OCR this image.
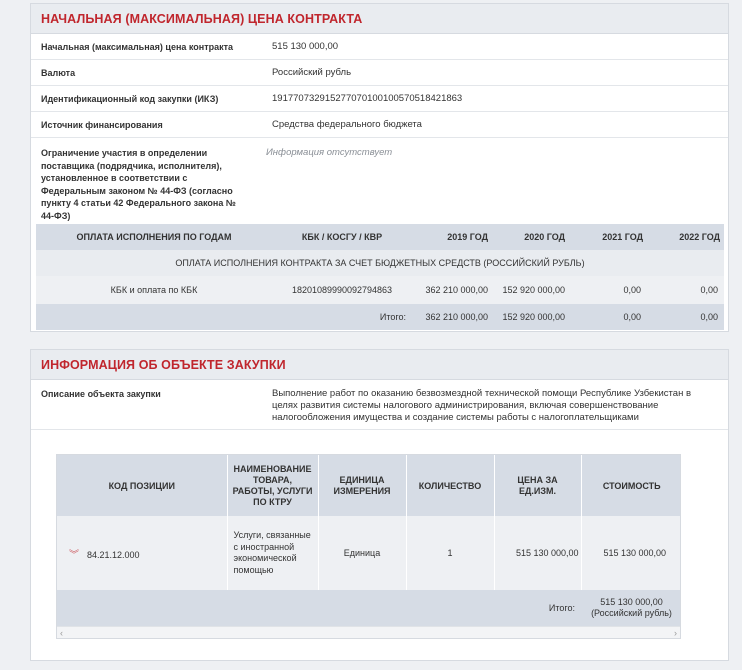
НАЧАЛЬНАЯ (МАКСИМАЛЬНАЯ) ЦЕНА КОНТРАКТА
Начальная (максимальная) цена контракта	515 130 000,00
Валюта	Российский рубль
Идентификационный код закупки (ИКЗ)	191770732915277070100100570518421863
Источник финансирования	Средства федерального бюджета
Ограничение участия в определении поставщика (подрядчика, исполнителя), установленное в соответствии с Федеральным законом № 44-ФЗ (согласно пункту 4 статьи 42 Федерального закона № 44-ФЗ)
Информация отсутствует
ОПЛАТА ИСПОЛНЕНИЯ ПО ГОДАМ	КБК / КОСГУ / КВР	2019 ГОД	2020 ГОД	2021 ГОД	2022 ГОД
ОПЛАТА ИСПОЛНЕНИЯ КОНТРАКТА ЗА СЧЕТ БЮДЖЕТНЫХ СРЕДСТВ (РОССИЙСКИЙ РУБЛЬ)					
КБК и оплата по КБК	18201089990092794863	362 210 000,00	152 920 000,00	0,00	0,00
Итого:		362 210 000,00	152 920 000,00	0,00	0,00
ИНФОРМАЦИЯ ОБ ОБЪЕКТЕ ЗАКУПКИ
Описание объекта закупки	Выполнение работ по оказанию безвозмездной технической помощи Республике Узбекистан в целях развития системы налогового администрирования, включая совершенствование налогообложения имущества и создание системы работы с налогоплательщиками
КОД ПОЗИЦИИ	НАИМЕНОВАНИЕ ТОВАРА, РАБОТЫ, УСЛУГИ ПО КТРУ	ЕДИНИЦА ИЗМЕРЕНИЯ	КОЛИЧЕСТВО	ЦЕНА ЗА ЕД.ИЗМ.	СТОИМОСТЬ
︾ 84.21.12.000	Услуги, связанные с иностранной экономической помощью	Единица	1	515 130 000,00	515 130 000,00
Итого:					515 130 000,00 (Российский рубль)
‹	›
